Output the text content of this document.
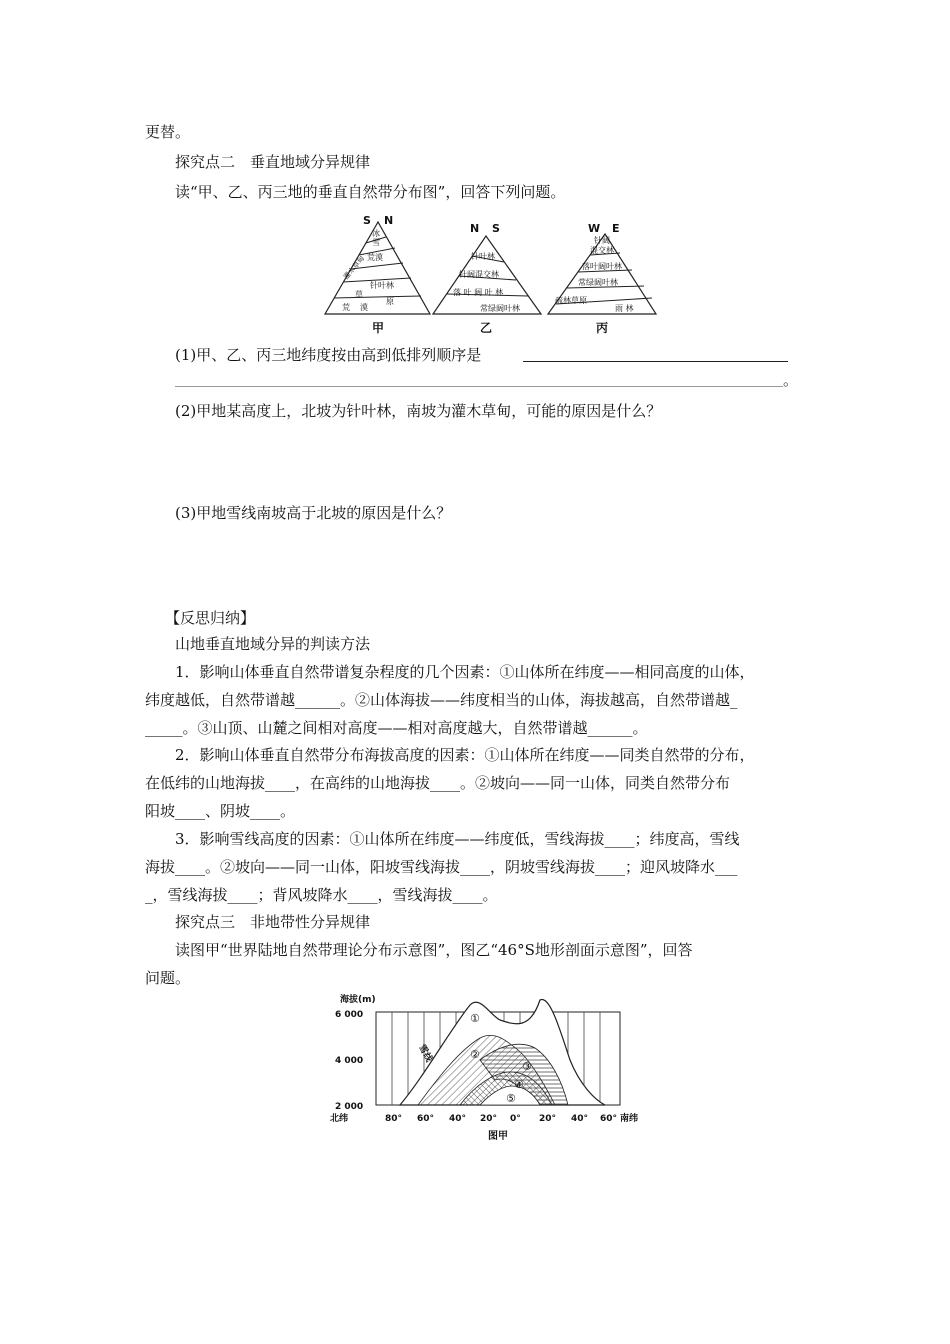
更替。
探究点二　垂直地域分异规律
读“甲、乙、丙三地的垂直自然带分布图”，回答下列问题。
S N
冰
雪
荒漠
灌木草甸
针叶林
草
原
荒 漠
甲
N S
针叶林
针阔混交林
落 叶 阔 叶 林
常绿阔叶林
乙
W E
针阔
混交林
落叶阔叶林
常绿阔叶林
疏林草原
雨 林
丙
(1)甲、乙、丙三地纬度按由高到低排列顺序是
。
(2)甲地某高度上，北坡为针叶林，南坡为灌木草甸，可能的原因是什么？
(3)甲地雪线南坡高于北坡的原因是什么？
【反思归纳】
山地垂直地域分异的判读方法
1．影响山体垂直自然带谱复杂程度的几个因素：①山体所在纬度——相同高度的山体，
纬度越低，自然带谱越______。②山体海拔——纬度相当的山体，海拔越高，自然带谱越_
_____。③山顶、山麓之间相对高度——相对高度越大，自然带谱越______。
2．影响山体垂直自然带分布海拔高度的因素：①山体所在纬度——同类自然带的分布，
在低纬的山地海拔____，在高纬的山地海拔____。②坡向——同一山体，同类自然带分布
阳坡____、阴坡____。
3．影响雪线高度的因素：①山体所在纬度——纬度低，雪线海拔____；纬度高，雪线
海拔____。②坡向——同一山体，阳坡雪线海拔____，阴坡雪线海拔____；迎风坡降水___
_，雪线海拔____；背风坡降水____，雪线海拔____。
探究点三　非地带性分异规律
读图甲“世界陆地自然带理论分布示意图”，图乙“46°S地形剖面示意图”，回答
问题。
海拔(m)
6 000
4 000
2 000
①
②
③
④
⑤
雪线
北纬	80° 60° 40° 20° 0° 20° 40° 60° 南纬
图甲
